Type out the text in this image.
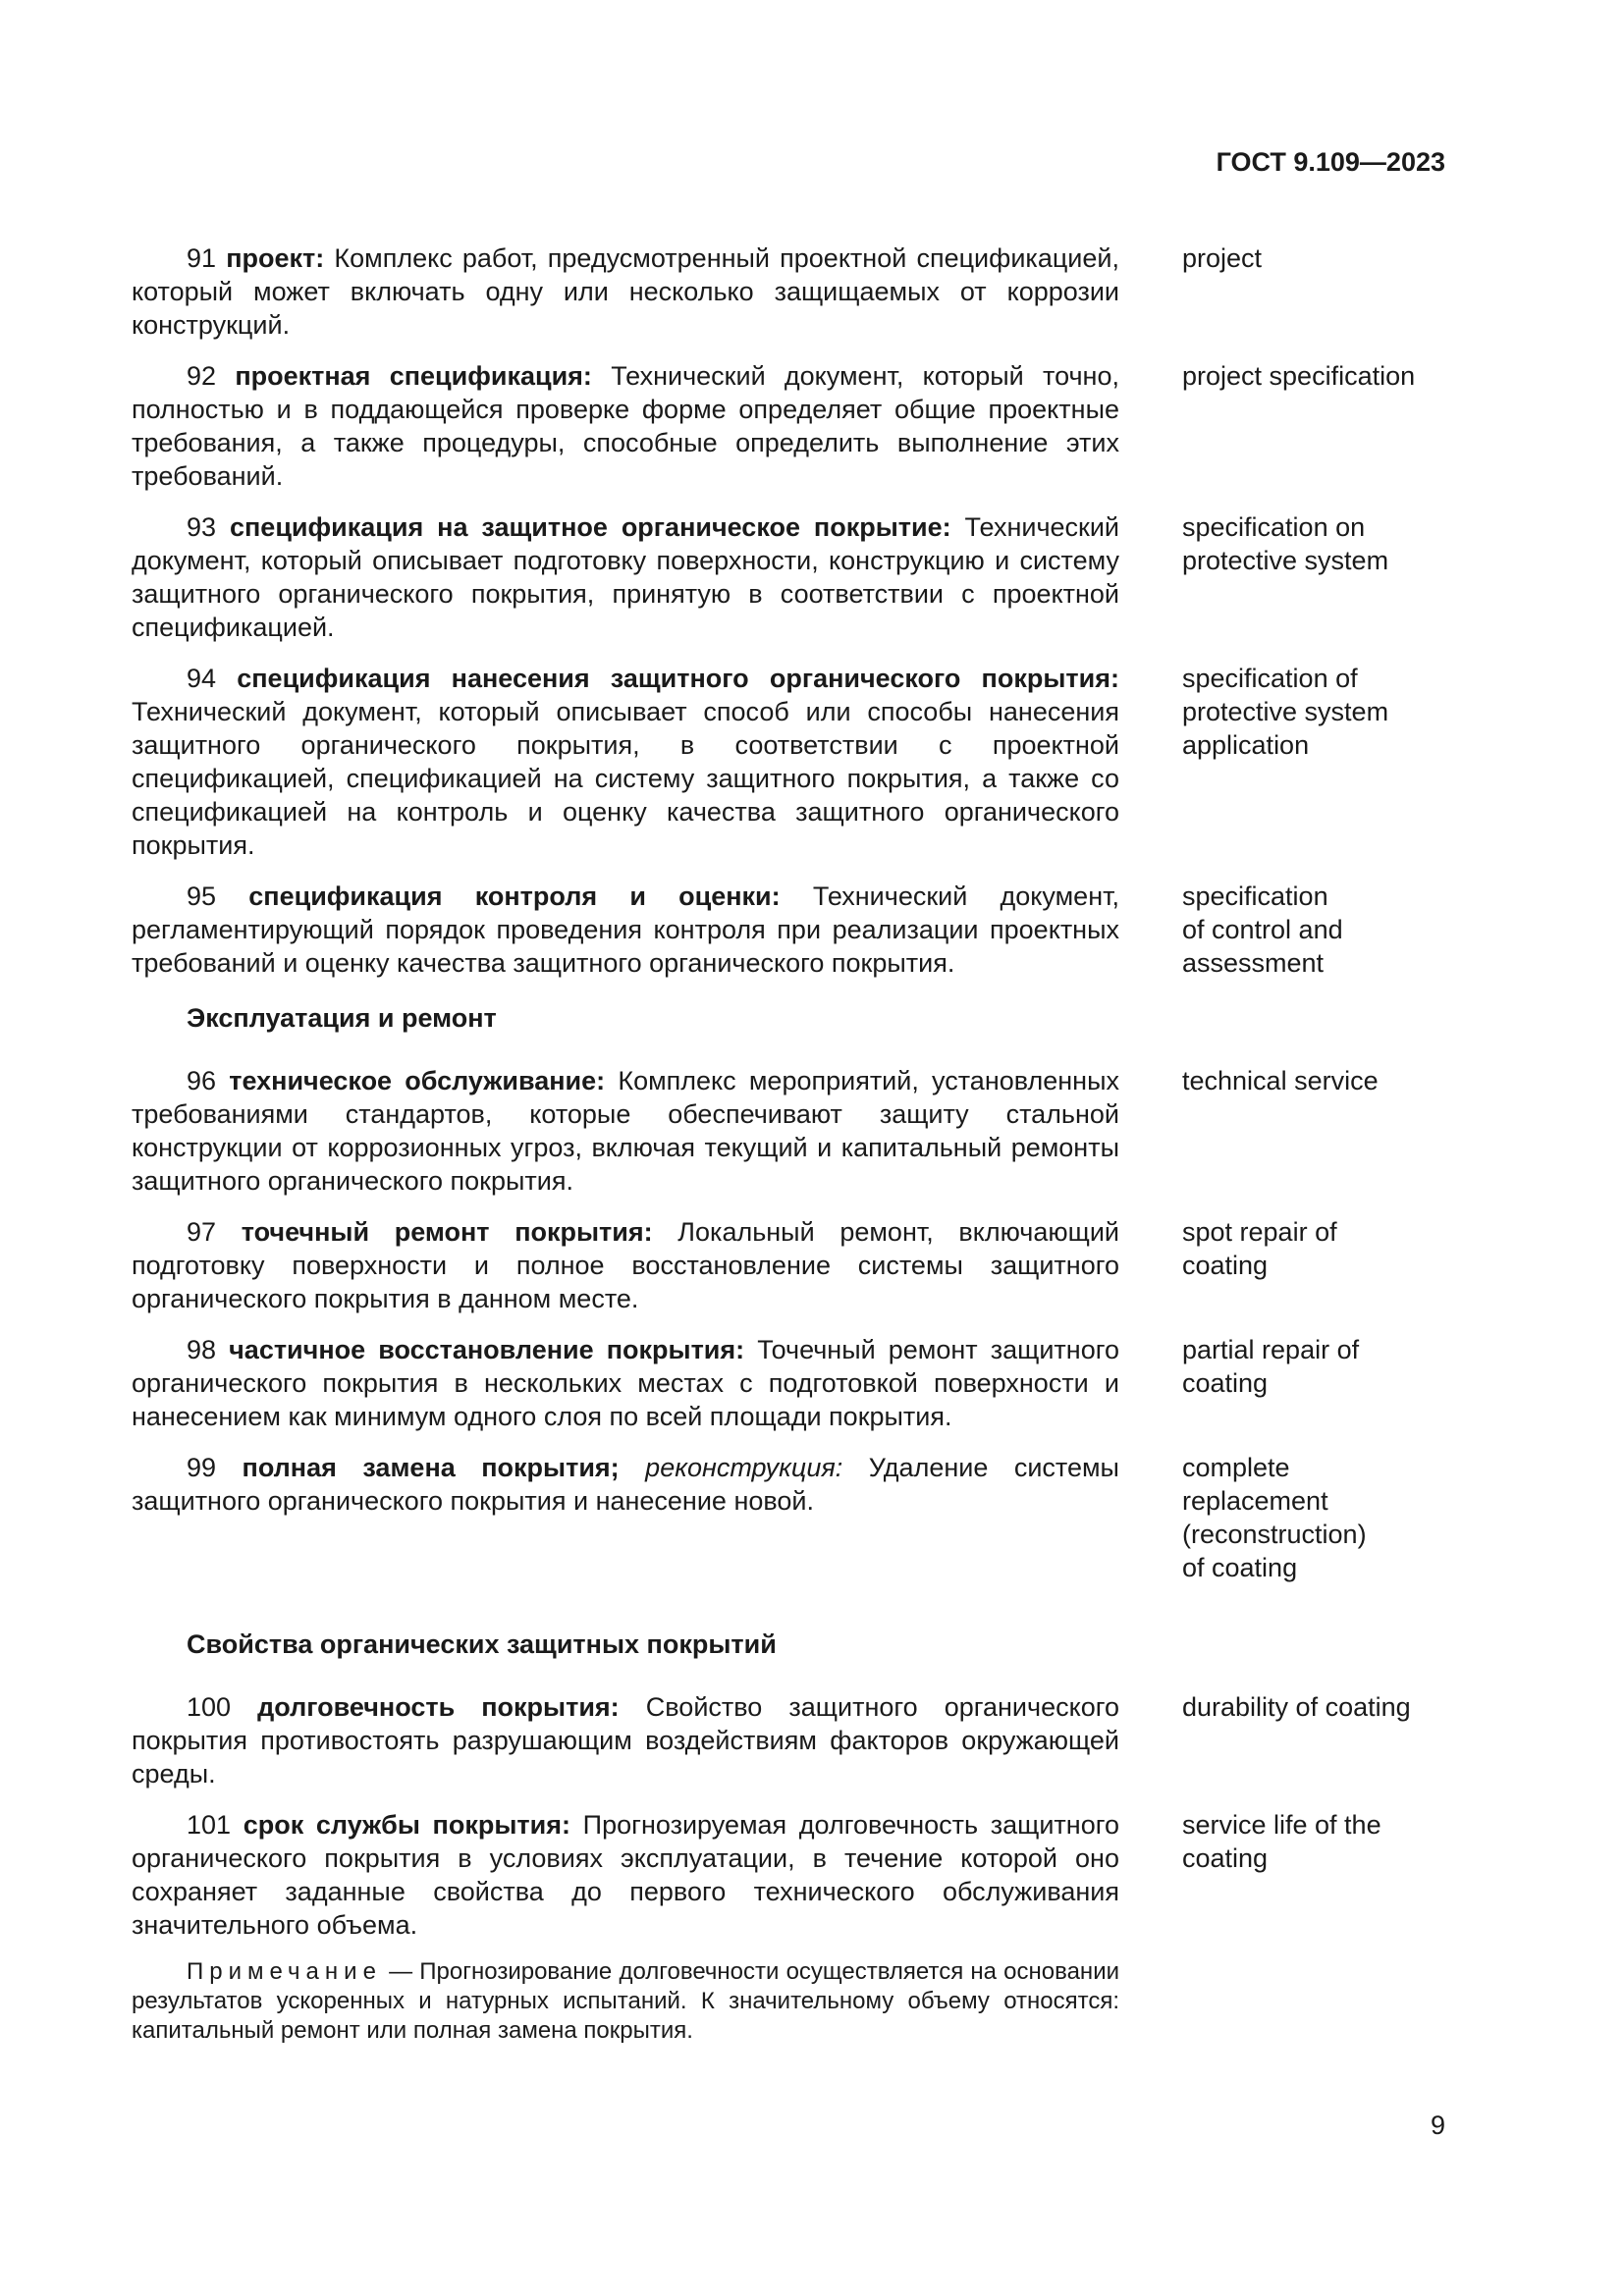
ГОСТ 9.109—2023

91 проект: Комплекс работ, предусмотренный проектной спецификацией, который может включать одну или несколько защищаемых от коррозии конструкций.

project

92 проектная спецификация: Технический документ, который точно, полностью и в поддающейся проверке форме определяет общие проектные требования, а также процедуры, способные определить выполнение этих требований.

project specification

93 спецификация на защитное органическое покрытие: Технический документ, который описывает подготовку поверхности, конструкцию и систему защитного органического покрытия, принятую в соответствии с проектной спецификацией.

specification on
protective system

94 спецификация нанесения защитного органического покрытия: Технический документ, который описывает способ или способы нанесения защитного органического покрытия, в соответствии с проектной спецификацией, спецификацией на систему защитного покрытия, а также со спецификацией на контроль и оценку качества защитного органического покрытия.

specification of
protective system
application

95 спецификация контроля и оценки: Технический документ, регламентирующий порядок проведения контроля при реализации проектных требований и оценку качества защитного органического покрытия.

specification
of control and
assessment
Эксплуатация и ремонт

96 техническое обслуживание: Комплекс мероприятий, установленных требованиями стандартов, которые обеспечивают защиту стальной конструкции от коррозионных угроз, включая текущий и капитальный ремонты защитного органического покрытия.

technical service

97 точечный ремонт покрытия: Локальный ремонт, включающий подготовку поверхности и полное восстановление системы защитного органического покрытия в данном месте.

spot repair of
coating

98 частичное восстановление покрытия: Точечный ремонт защитного органического покрытия в нескольких местах с подготовкой поверхности и нанесением как минимум одного слоя по всей площади покрытия.

partial repair of
coating

99 полная замена покрытия; реконструкция: Удаление системы защитного органического покрытия и нанесение новой.

complete
replacement
(reconstruction)
of coating
Свойства органических защитных покрытий

100 долговечность покрытия: Свойство защитного органического покрытия противостоять разрушающим воздействиям факторов окружающей среды.

durability of coating

101 срок службы покрытия: Прогнозируемая долговечность защитного органического покрытия в условиях эксплуатации, в течение которой оно сохраняет заданные свойства до первого технического обслуживания значительного объема.

service life of the
coating

Примечание — Прогнозирование долговечности осуществляется на основании результатов ускоренных и натурных испытаний. К значительному объему относятся: капитальный ремонт или полная замена покрытия.

9
